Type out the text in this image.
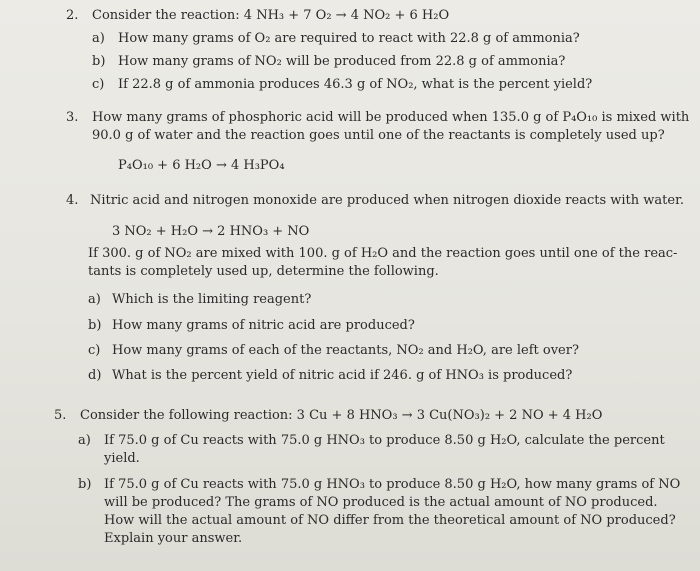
2. Consider the reaction: 4 NH₃ + 7 O₂ → 4 NO₂ + 6 H₂O
a) How many grams of O₂ are required to react with 22.8 g of ammonia?
b) How many grams of NO₂ will be produced from 22.8 g of ammonia?
c) If 22.8 g of ammonia produces 46.3 g of NO₂, what is the percent yield?
3. How many grams of phosphoric acid will be produced when 135.0 g of P₄O₁₀ is mixed with
90.0 g of water and the reaction goes until one of the reactants is completely used up?
P₄O₁₀ + 6 H₂O → 4 H₃PO₄
4. Nitric acid and nitrogen monoxide are produced when nitrogen dioxide reacts with water.
3 NO₂ + H₂O → 2 HNO₃ + NO
If 300. g of NO₂ are mixed with 100. g of H₂O and the reaction goes until one of the reac-
tants is completely used up, determine the following.
a) Which is the limiting reagent?
b) How many grams of nitric acid are produced?
c) How many grams of each of the reactants, NO₂ and H₂O, are left over?
d) What is the percent yield of nitric acid if 246. g of HNO₃ is produced?
5. Consider the following reaction: 3 Cu + 8 HNO₃ → 3 Cu(NO₃)₂ + 2 NO + 4 H₂O
a) If 75.0 g of Cu reacts with 75.0 g HNO₃ to produce 8.50 g H₂O, calculate the percent
yield.
b) If 75.0 g of Cu reacts with 75.0 g HNO₃ to produce 8.50 g H₂O, how many grams of NO
will be produced? The grams of NO produced is the actual amount of NO produced.
How will the actual amount of NO differ from the theoretical amount of NO produced?
Explain your answer.
